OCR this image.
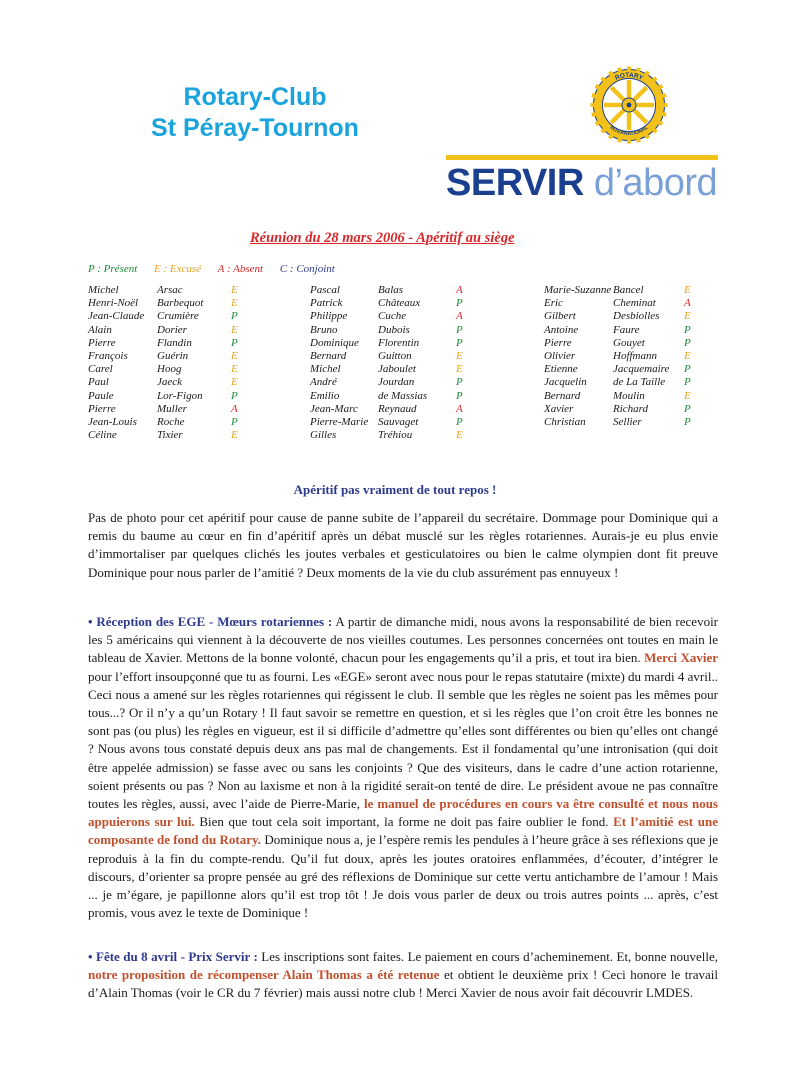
Rotary-Club
St Péray-Tournon
ROTARY
INTERNATIONAL
SERVIR d’abord
Réunion du 28 mars 2006 - Apéritif au siège
P : Présent E : Excusé A : Absent C : Conjoint
Michel	Arsac	E
Henri-Noël Barbequot	E
Jean-Claude Crumière	P
Alain	Dorier	E
Pierre	Flandin	P
François	Guérin	E
Carel	Hoog	E
Paul	Jaeck	E
Paule	Lor-Figon	P
Pierre	Muller	A
Jean-Louis Roche	P
Céline	Tixier	E
Pascal	Balas	A
Patrick	Châteaux	P
Philippe	Cuche	A
Bruno	Dubois	P
Dominique Florentin	P
Bernard	Guitton	E
Michel	Jaboulet	E
André	Jourdan	P
Emilio	de Massias	P
Jean-Marc Reynaud	A
Pierre-Marie Sauvaget	P
Gilles	Tréhiou	E
Marie-Suzanne Bancel	E
Eric	Cheminat	A
Gilbert	Desbiolles E
Antoine	Faure	P
Pierre	Gouyet	P
Olivier	Hoffmann E
Etienne	Jacquemaire P
Jacquelin de La Taille P
Bernard	Moulin	E
Xavier	Richard	P
Christian Sellier	P
Apéritif pas vraiment de tout repos !
Pas de photo pour cet apéritif pour cause de panne subite de l’appareil du secrétaire. Dommage pour Dominique qui a remis du baume au cœur en fin d’apéritif après un débat musclé sur les règles rotariennes. Aurais-je eu plus envie d’immortaliser par quelques clichés les joutes verbales et gesticulatoires ou bien le calme olympien dont fit preuve Dominique pour nous parler de l’amitié ? Deux moments de la vie du club assurément pas ennuyeux !
• Réception des EGE - Mœurs rotariennes : A partir de dimanche midi, nous avons la responsabilité de bien recevoir les 5 américains qui viennent à la découverte de nos vieilles coutumes. Les personnes concernées ont toutes en main le tableau de Xavier. Mettons de la bonne volonté, chacun pour les engagements qu’il a pris, et tout ira bien. Merci Xavier pour l’effort insoupçonné que tu as fourni. Les «EGE» seront avec nous pour le repas statutaire (mixte) du mardi 4 avril.. Ceci nous a amené sur les règles rotariennes qui régissent le club. Il semble que les règles ne soient pas les mêmes pour tous...? Or il n’y a qu’un Rotary ! Il faut savoir se remettre en question, et si les règles que l’on croit être les bonnes ne sont pas (ou plus) les règles en vigueur, est il si difficile d’admettre qu’elles sont différentes ou bien qu’elles ont changé ? Nous avons tous constaté depuis deux ans pas mal de changements. Est il fondamental qu’une intronisation (qui doit être appelée admission) se fasse avec ou sans les conjoints ? Que des visiteurs, dans le cadre d’une action rotarienne, soient présents ou pas ? Non au laxisme et non à la rigidité serait-on tenté de dire. Le président avoue ne pas connaître toutes les règles, aussi, avec l’aide de Pierre-Marie, le manuel de procédures en cours va être consulté et nous nous appuierons sur lui. Bien que tout cela soit important, la forme ne doit pas faire oublier le fond. Et l’amitié est une composante de fond du Rotary. Dominique nous a, je l’espère remis les pendules à l’heure grâce à ses réflexions que je reproduis à la fin du compte-rendu. Qu’il fut doux, après les joutes oratoires enflammées, d’écouter, d’intégrer le discours, d’orienter sa propre pensée au gré des réflexions de Dominique sur cette vertu antichambre de l’amour ! Mais ... je m’égare, je papillonne alors qu’il est trop tôt ! Je dois vous parler de deux ou trois autres points ... après, c’est promis, vous avez le texte de Dominique !
• Fête du 8 avril - Prix Servir : Les inscriptions sont faites. Le paiement en cours d’acheminement. Et, bonne nouvelle, notre proposition de récompenser Alain Thomas a été retenue et obtient le deuxième prix ! Ceci honore le travail d’Alain Thomas (voir le CR du 7 février) mais aussi notre club ! Merci Xavier de nous avoir fait découvrir LMDES.
